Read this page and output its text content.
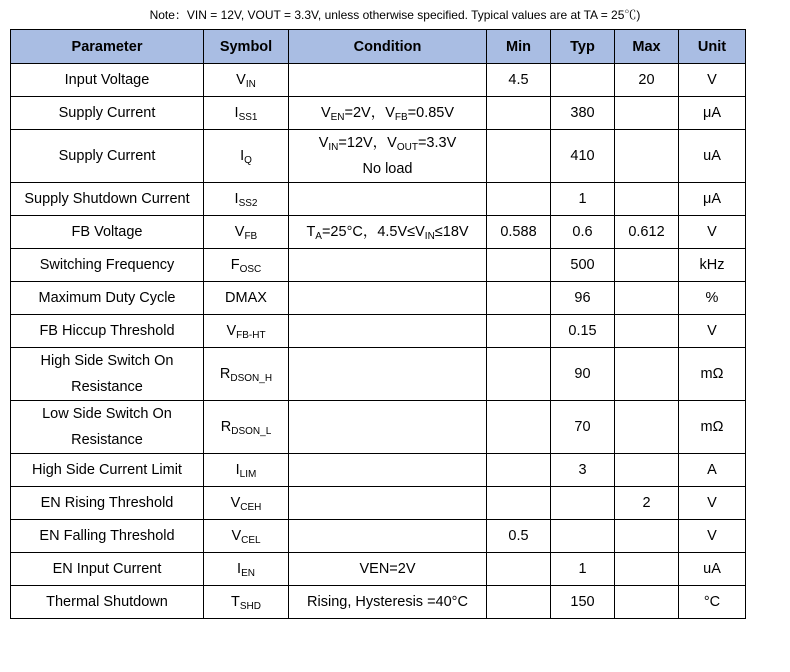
Note：VIN = 12V, VOUT = 3.3V, unless otherwise specified. Typical values are at TA = 25℃)
Parameter	Symbol	Condition	Min	Typ	Max	Unit

Input Voltage	$V_{IN}$		4.5		20	V

Supply Current	$I_{SS1}$	$V_{EN}=2V$，$V_{FB}=0.85V$		380		μA

Supply Current	$I_Q$	$V_{IN}=12V$，$V_{OUT}=3.3V$
No load		410		uA

Supply Shutdown Current	$I_{SS2}$			1		μA

FB Voltage	$V_{FB}$	$T_A=25^\circ C$，$4.5V\le V_{IN}\le 18V$	0.588	0.6	0.612	V

Switching Frequency	$F_{OSC}$			500		kHz

Maximum Duty Cycle	DMAX			96		%

FB Hiccup Threshold	$V_{FB-HT}$			0.15		V

High Side Switch On
Resistance	$R_{DSON\_H}$			90		mΩ

Low Side Switch On
Resistance	$R_{DSON\_L}$			70		mΩ

High Side Current Limit	$I_{LIM}$			3		A

EN Rising Threshold	$V_{CEH}$				2	V

EN Falling Threshold	$V_{CEL}$		0.5			V

EN Input Current	$I_{EN}$	VEN=2V		1		uA

Thermal Shutdown	$T_{SHD}$	Rising, Hysteresis =40°C		150		°C
